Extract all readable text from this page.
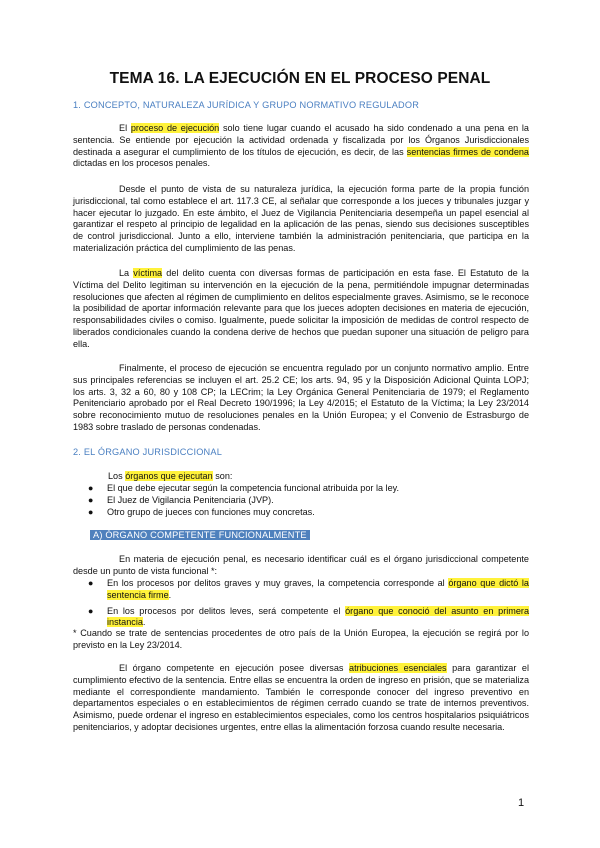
TEMA 16. LA EJECUCIÓN EN EL PROCESO PENAL
1. CONCEPTO, NATURALEZA JURÍDICA Y GRUPO NORMATIVO REGULADOR

El proceso de ejecución solo tiene lugar cuando el acusado ha sido condenado a una pena en la sentencia. Se entiende por ejecución la actividad ordenada y fiscalizada por los Órganos Jurisdiccionales destinada a asegurar el cumplimiento de los títulos de ejecución, es decir, de las sentencias firmes de condena dictadas en los procesos penales.

Desde el punto de vista de su naturaleza jurídica, la ejecución forma parte de la propia función jurisdiccional, tal como establece el art. 117.3 CE, al señalar que corresponde a los jueces y tribunales juzgar y hacer ejecutar lo juzgado. En este ámbito, el Juez de Vigilancia Penitenciaria desempeña un papel esencial al garantizar el respeto al principio de legalidad en la aplicación de las penas, siendo sus decisiones susceptibles de control jurisdiccional. Junto a ello, interviene también la administración penitenciaria, que participa en la materialización práctica del cumplimiento de las penas.

La víctima del delito cuenta con diversas formas de participación en esta fase. El Estatuto de la Víctima del Delito legitiman su intervención en la ejecución de la pena, permitiéndole impugnar determinadas resoluciones que afecten al régimen de cumplimiento en delitos especialmente graves. Asimismo, se le reconoce la posibilidad de aportar información relevante para que los jueces adopten decisiones en materia de ejecución, responsabilidades civiles o comiso. Igualmente, puede solicitar la imposición de medidas de control respecto de liberados condicionales cuando la condena derive de hechos que puedan suponer una situación de peligro para ella.

Finalmente, el proceso de ejecución se encuentra regulado por un conjunto normativo amplio. Entre sus principales referencias se incluyen el art. 25.2 CE; los arts. 94, 95 y la Disposición Adicional Quinta LOPJ; los arts. 3, 32 a 60, 80 y 108 CP; la LECrim; la Ley Orgánica General Penitenciaria de 1979; el Reglamento Penitenciario aprobado por el Real Decreto 190/1996; la Ley 4/2015; el Estatuto de la Víctima; la Ley 23/2014 sobre reconocimiento mutuo de resoluciones penales en la Unión Europea; y el Convenio de Estrasburgo de 1983 sobre traslado de personas condenadas.

2. EL ÓRGANO JURISDICCIONAL

Los órganos que ejecutan son:

● El que debe ejecutar según la competencia funcional atribuida por la ley.
● El Juez de Vigilancia Penitenciaria (JVP).
● Otro grupo de jueces con funciones muy concretas.
A) ÓRGANO COMPETENTE FUNCIONALMENTE

En materia de ejecución penal, es necesario identificar cuál es el órgano jurisdiccional competente desde un punto de vista funcional *:

● En los procesos por delitos graves y muy graves, la competencia corresponde al órgano que dictó la sentencia firme.
● En los procesos por delitos leves, será competente el órgano que conoció del asunto en primera instancia.

* Cuando se trate de sentencias procedentes de otro país de la Unión Europea, la ejecución se regirá por lo previsto en la Ley 23/2014.

El órgano competente en ejecución posee diversas atribuciones esenciales para garantizar el cumplimiento efectivo de la sentencia. Entre ellas se encuentra la orden de ingreso en prisión, que se materializa mediante el correspondiente mandamiento. También le corresponde conocer del ingreso preventivo en departamentos especiales o en establecimientos de régimen cerrado cuando se trate de internos preventivos. Asimismo, puede ordenar el ingreso en establecimientos especiales, como los centros hospitalarios psiquiátricos penitenciarios, y adoptar decisiones urgentes, entre ellas la alimentación forzosa cuando resulte necesaria.

1
